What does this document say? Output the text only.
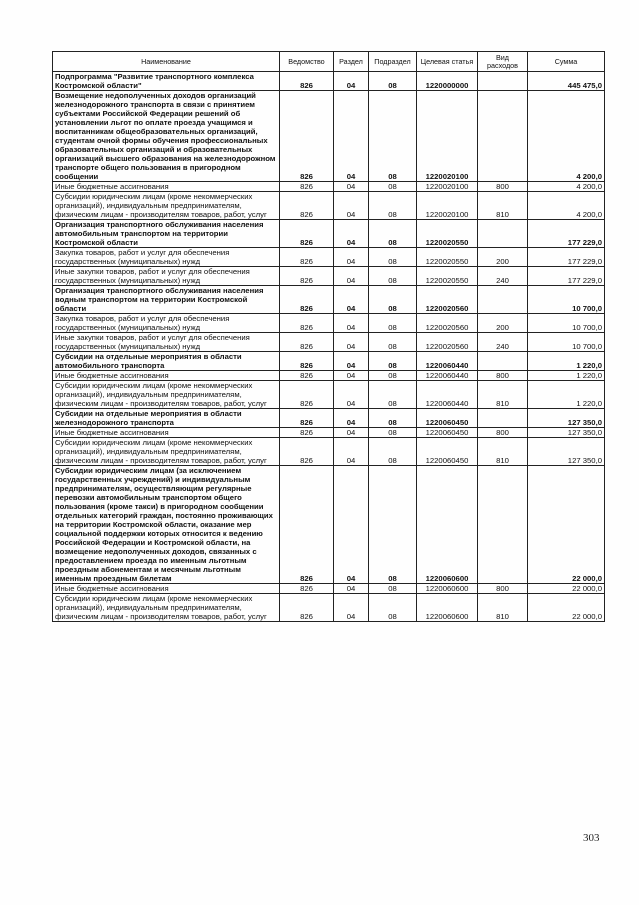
Наименование	Ведомство	Раздел	Подраздел	Целевая статья	Вид расходов	Сумма
Подпрограмма "Развитие транспортного комплекса Костромской области"	826	04	08	1220000000		445 475,0
Возмещение недополученных доходов организаций железнодорожного транспорта в связи с принятием субъектами Российской Федерации решений об установлении льгот по оплате проезда учащимся и воспитанникам общеобразовательных организаций, студентам очной формы обучения профессиональных образовательных организаций и образовательных организаций высшего образования на железнодорожном транспорте общего пользования в пригородном сообщении	826	04	08	1220020100		4 200,0
Иные бюджетные ассигнования	826	04	08	1220020100	800	4 200,0
Субсидии юридическим лицам (кроме некоммерческих организаций), индивидуальным предпринимателям, физическим лицам - производителям товаров, работ, услуг	826	04	08	1220020100	810	4 200,0
Организация транспортного обслуживания населения автомобильным транспортом на территории Костромской области	826	04	08	1220020550		177 229,0
Закупка товаров, работ и услуг для обеспечения государственных (муниципальных) нужд	826	04	08	1220020550	200	177 229,0
Иные закупки товаров, работ и услуг для обеспечения государственных (муниципальных) нужд	826	04	08	1220020550	240	177 229,0
Организация транспортного обслуживания населения водным транспортом на территории Костромской области	826	04	08	1220020560		10 700,0
Закупка товаров, работ и услуг для обеспечения государственных (муниципальных) нужд	826	04	08	1220020560	200	10 700,0
Иные закупки товаров, работ и услуг для обеспечения государственных (муниципальных) нужд	826	04	08	1220020560	240	10 700,0
Субсидии на отдельные мероприятия в области автомобильного транспорта	826	04	08	1220060440		1 220,0
Иные бюджетные ассигнования	826	04	08	1220060440	800	1 220,0
Субсидии юридическим лицам (кроме некоммерческих организаций), индивидуальным предпринимателям, физическим лицам - производителям товаров, работ, услуг	826	04	08	1220060440	810	1 220,0
Субсидии на отдельные мероприятия в области железнодорожного транспорта	826	04	08	1220060450		127 350,0
Иные бюджетные ассигнования	826	04	08	1220060450	800	127 350,0
Субсидии юридическим лицам (кроме некоммерческих организаций), индивидуальным предпринимателям, физическим лицам - производителям товаров, работ, услуг	826	04	08	1220060450	810	127 350,0
Субсидии юридическим лицам (за исключением государственных учреждений) и индивидуальным предпринимателям, осуществляющим регулярные перевозки автомобильным транспортом общего пользования (кроме такси) в пригородном сообщении отдельных категорий граждан, постоянно проживающих на территории Костромской области, оказание мер социальной поддержки которых относится к ведению Российской Федерации и Костромской области, на возмещение недополученных доходов, связанных с предоставлением проезда по именным льготным проездным абонементам и месячным льготным именным проездным билетам	826	04	08	1220060600		22 000,0
Иные бюджетные ассигнования	826	04	08	1220060600	800	22 000,0
Субсидии юридическим лицам (кроме некоммерческих организаций), индивидуальным предпринимателям, физическим лицам - производителям товаров, работ, услуг	826	04	08	1220060600	810	22 000,0
303
